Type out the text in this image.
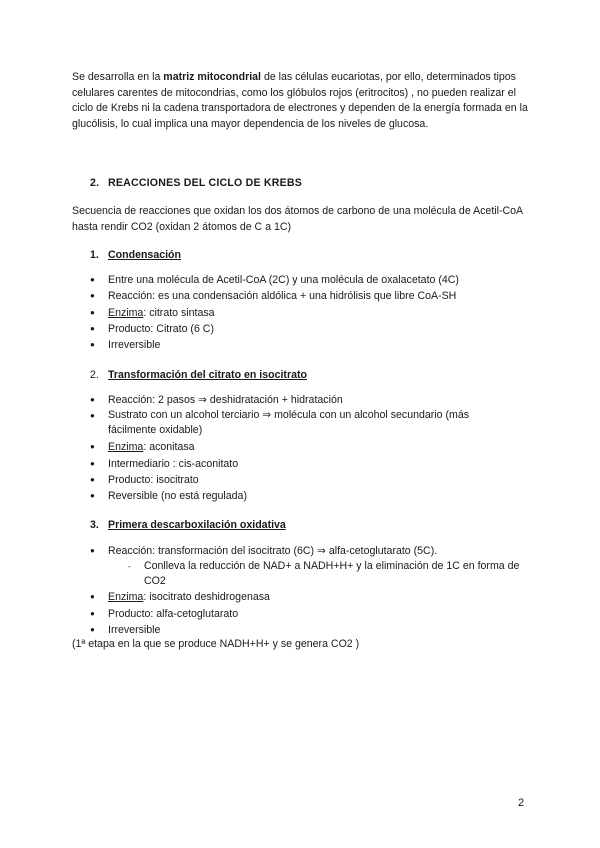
Se desarrolla en la matriz mitocondrial de las células eucariotas, por ello, determinados tipos celulares carentes de mitocondrias, como los glóbulos rojos (eritrocitos) , no pueden realizar el ciclo de Krebs ni la cadena transportadora de electrones y dependen de la energía formada en la glucólisis, lo cual implica una mayor dependencia de los niveles de glucosa.

2. REACCIONES DEL CICLO DE KREBS

Secuencia de reacciones que oxidan los dos átomos de carbono de una molécula de Acetil-CoA hasta rendir CO2 (oxidan 2 átomos de C a 1C)

1. Condensación
● Entre una molécula de Acetil-CoA (2C) y una molécula de oxalacetato (4C)
● Reacción: es una condensación aldólica + una hidrólisis que libre CoA-SH
● Enzima: citrato sintasa
● Producto: Citrato (6 C)
● Irreversible
2. Transformación del citrato en isocitrato
● Reacción: 2 pasos ⇒ deshidratación + hidratación
● Sustrato con un alcohol terciario ⇒ molécula con un alcohol secundario (más fácilmente oxidable)
● Enzima: aconitasa
● Intermediario : cis-aconitato
● Producto: isocitrato
● Reversible (no está regulada)
3. Primera descarboxilación oxidativa
● Reacción: transformación del isocitrato (6C) ⇒ alfa-cetoglutarato (5C).
- Conlleva la reducción de NAD+ a NADH+H+ y la eliminación de 1C en forma de CO2
● Enzima: isocitrato deshidrogenasa
● Producto: alfa-cetoglutarato
● Irreversible
(1ª etapa en la que se produce NADH+H+ y se genera CO2 )
2
